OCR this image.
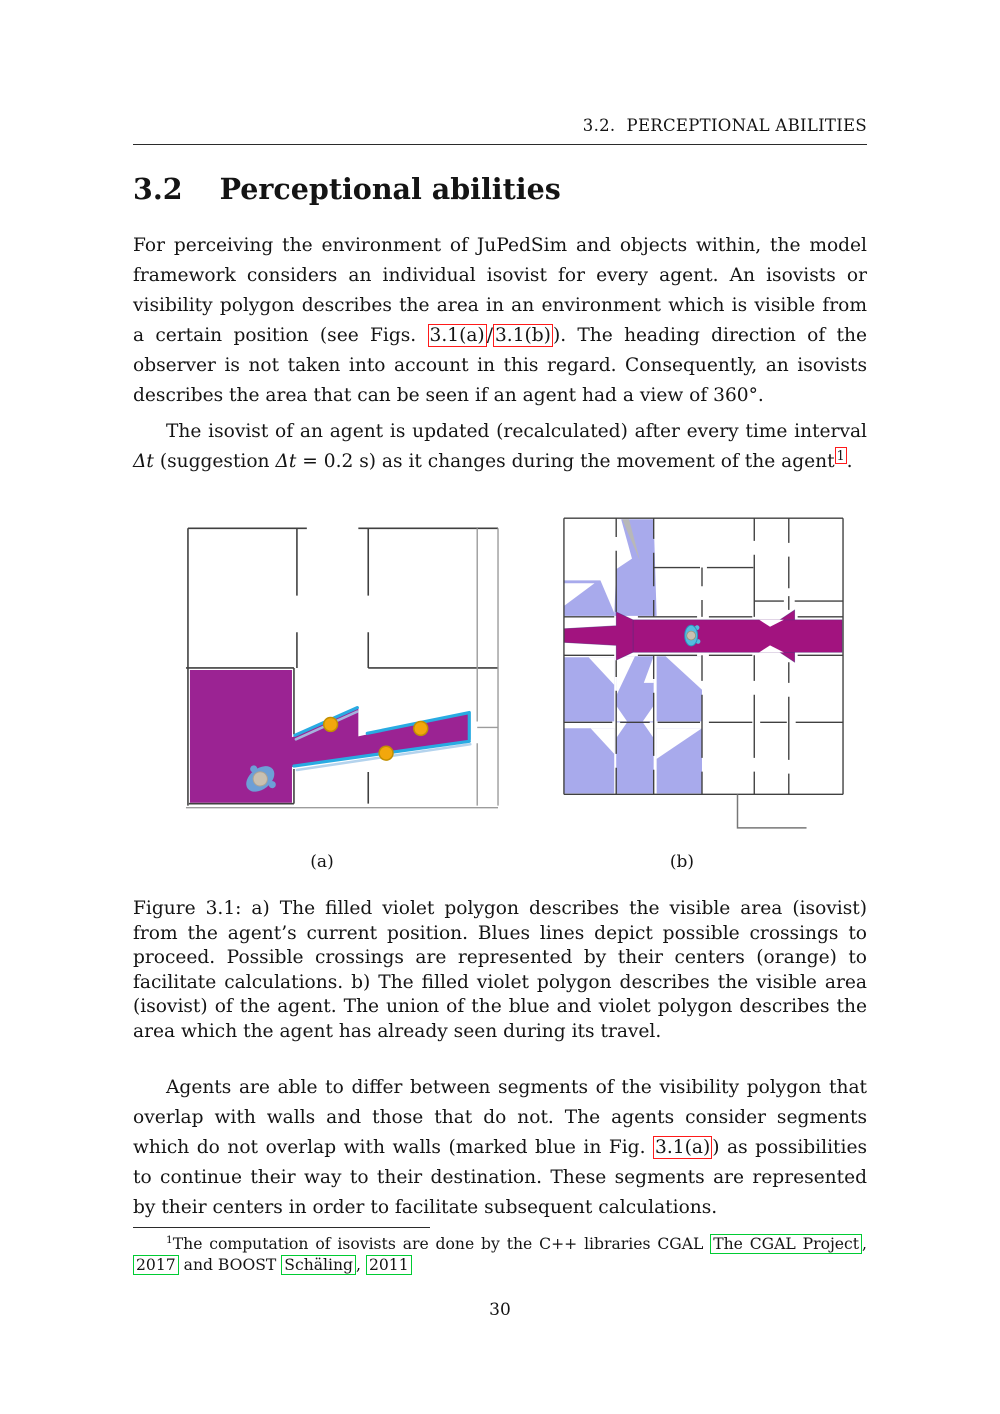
3.2.  PERCEPTIONAL ABILITIES
3.2 Perceptional abilities

For perceiving the environment of JuPedSim and objects within, the model framework considers an individual isovist for every agent. An isovists or visibility polygon describes the area in an environment which is visible from a certain position (see Figs. 3.1(a) / 3.1(b) ). The heading direction of the observer is not taken into account in this regard. Consequently, an isovists describes the area that can be seen if an agent had a view of 360°.

The isovist of an agent is updated (recalculated) after every time interval Δt (suggestion Δt = 0.2 s) as it changes during the movement of the agent $^1$ .

(a)	(b)

Figure 3.1: a) The filled violet polygon describes the visible area (isovist) from the agent’s current position. Blues lines depict possible crossings to proceed. Possible crossings are represented by their centers (orange) to facilitate calculations. b) The filled violet polygon describes the visible area (isovist) of the agent. The union of the blue and violet polygon describes the area which the agent has already seen during its travel.

Agents are able to differ between segments of the visibility polygon that overlap with walls and those that do not. The agents consider segments which do not overlap with walls (marked blue in Fig. 3.1(a) ) as possibilities to continue their way to their destination. These segments are represented by their centers in order to facilitate subsequent calculations.

$^1$The computation of isovists are done by the C++ libraries CGAL The CGAL Project , 2017 and BOOST Schäling , 2011

30
